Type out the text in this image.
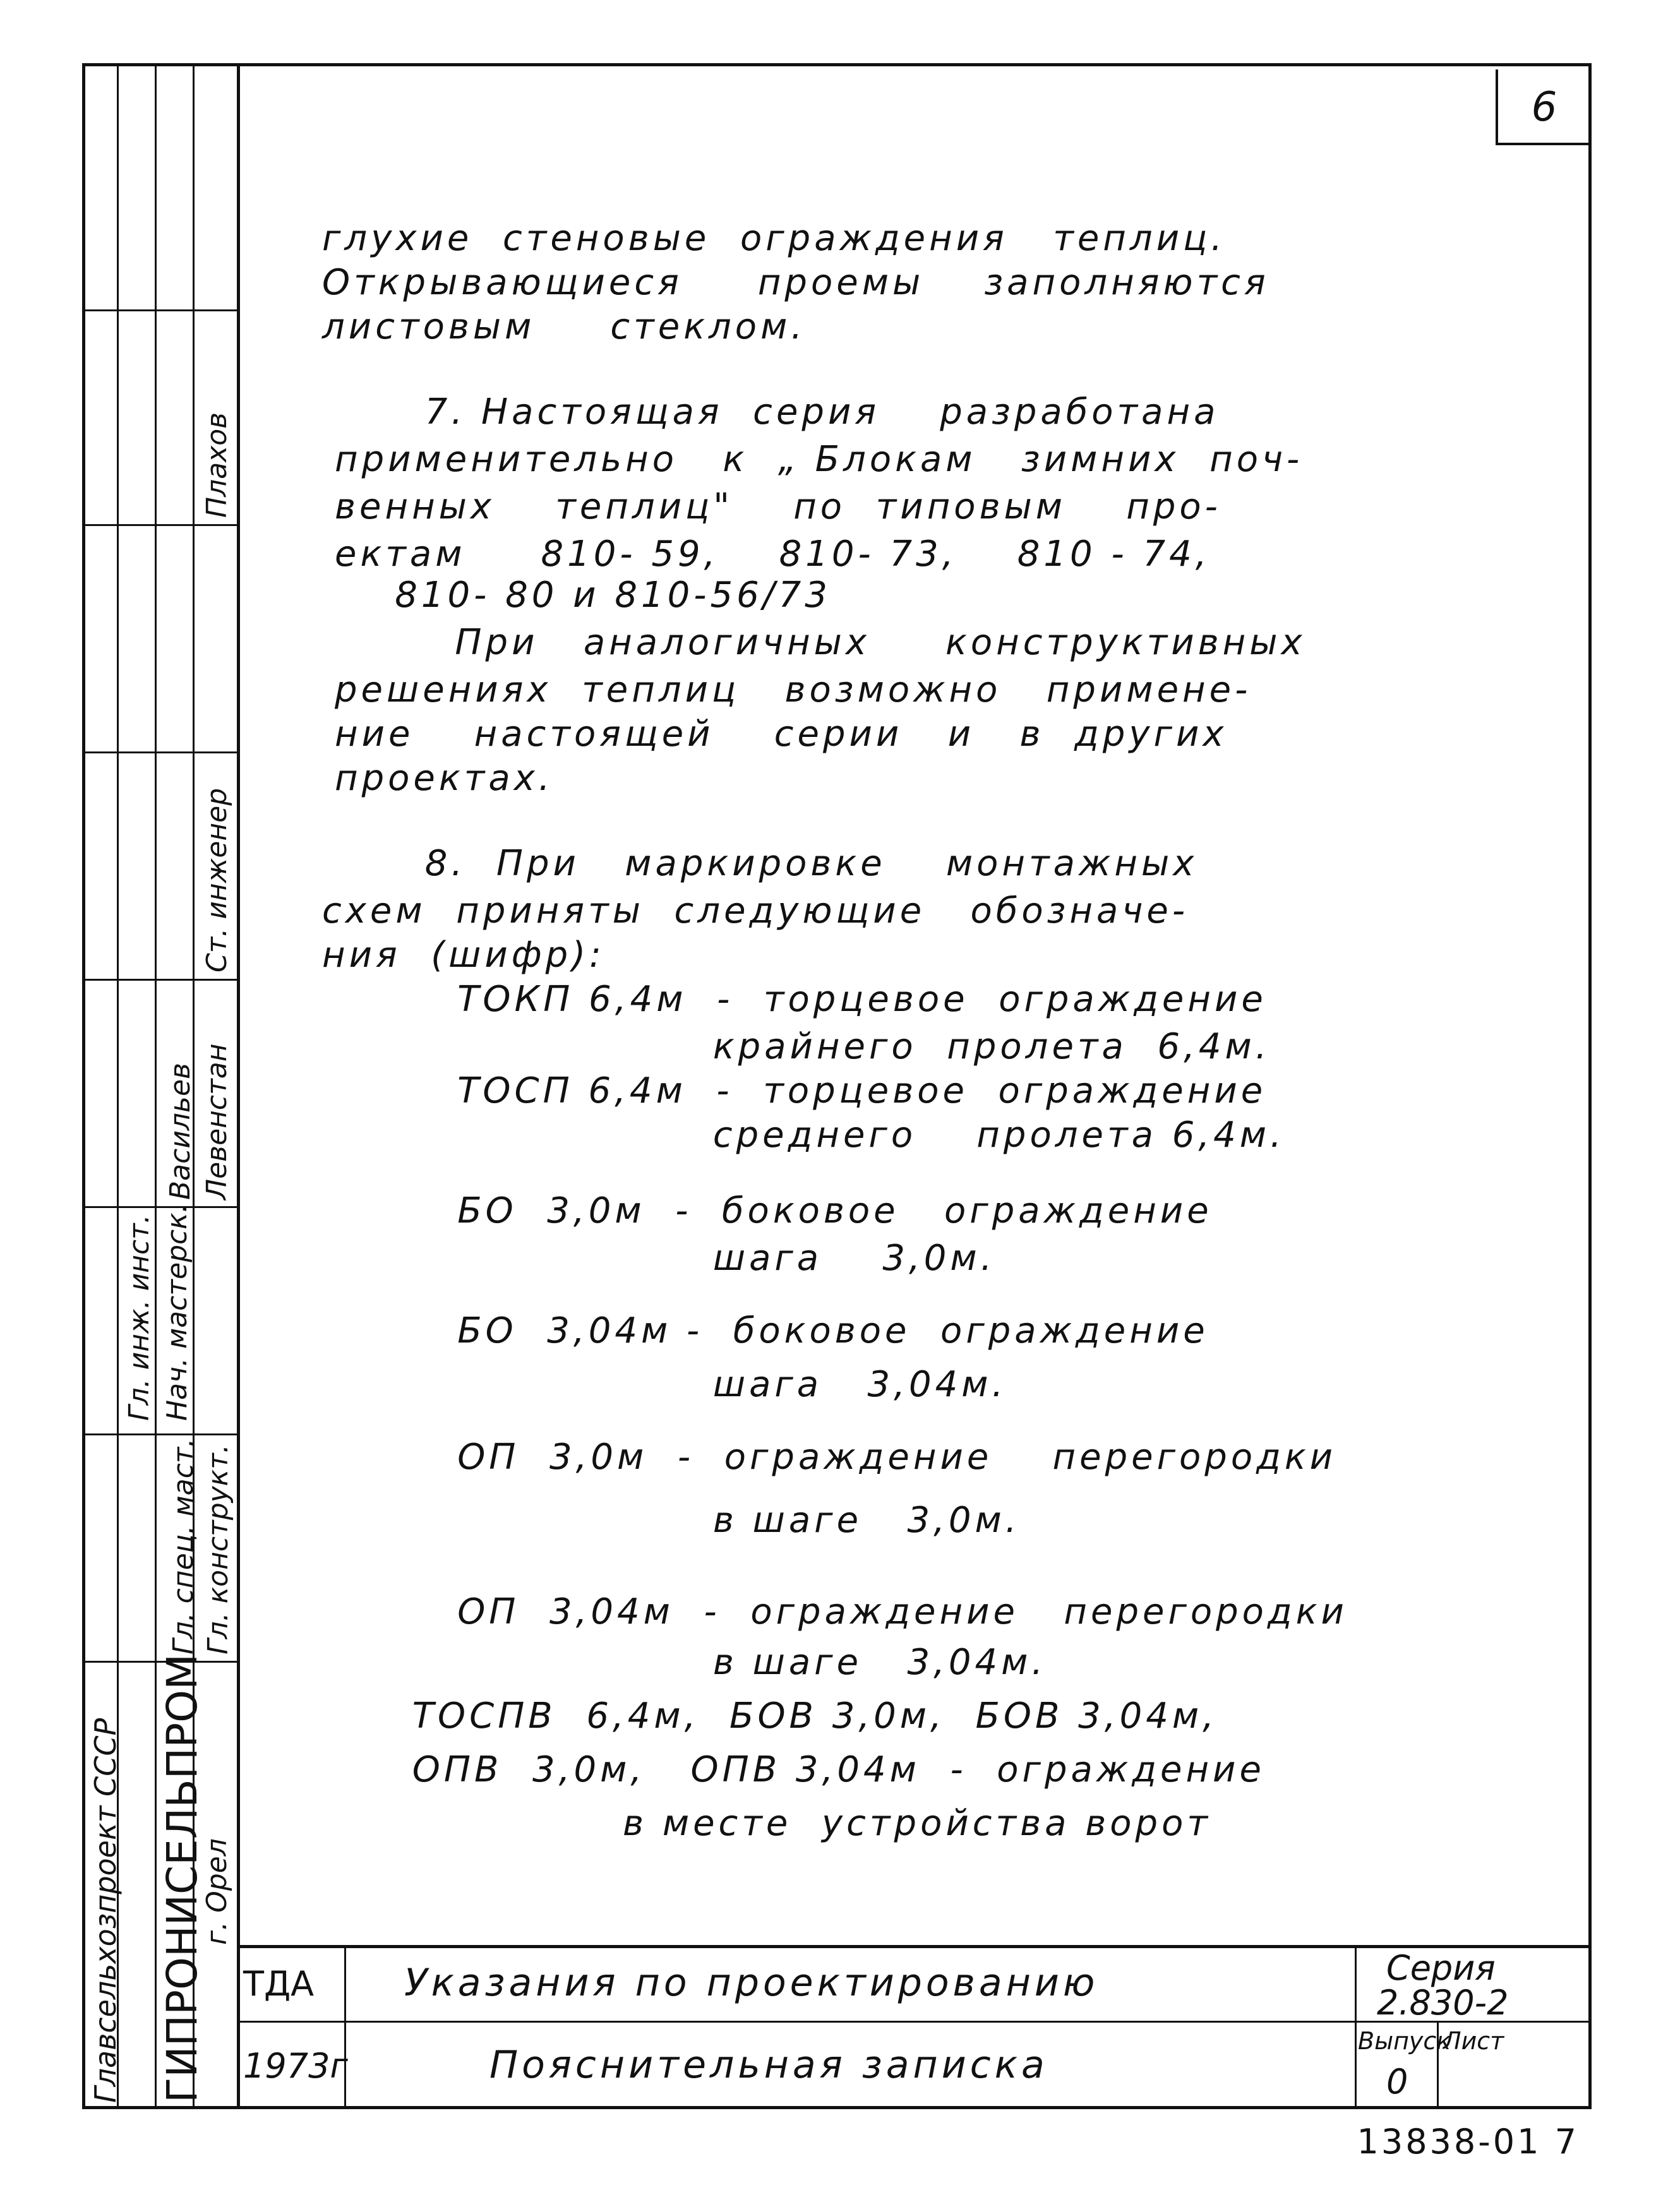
Гл. инж. инст. Нач. мастерск.
Гл. спец. маст. Гл. конструкт.
Васильев Левенстан
Ст. инженер
Плахов
Главсельхозпроект СССР ГИПРОНИСЕЛЬПРОМ
г. Орел
6
глухие  стеновые  ограждения   теплиц.
Открывающиеся     проемы    заполняются
листовым     стеклом.
7. Настоящая  серия    разработана
применительно   к  „ Блокам   зимних  поч-
венных    теплиц"    по  типовым    про-
ектам     810- 59,    810- 73,    810 - 74,
810- 80 и 810-56/73
При   аналогичных     конструктивных
решениях  теплиц   возможно   примене-
ние    настоящей    серии   и   в  других
проектах.
8.  При   маркировке    монтажных
схем  приняты  следующие   обозначе-
ния  (шифр):
ТОКП 6,4м  -  торцевое  ограждение
крайнего  пролета  6,4м.
ТОСП 6,4м  -  торцевое  ограждение
среднего    пролета 6,4м.
БО  3,0м  -  боковое   ограждение
шага    3,0м.
БО  3,04м -  боковое  ограждение
шага   3,04м.
ОП  3,0м  -  ограждение    перегородки
в шаге   3,0м.
ОП  3,04м  -  ограждение   перегородки
в шаге   3,04м.
ТОСПВ  6,4м,  БОВ 3,0м,  БОВ 3,04м,
ОПВ  3,0м,   ОПВ 3,04м  -  ограждение
в месте  устройства ворот
ТДА
1973г
Указания по проектированию
Пояснительная записка
Серия
2.830-2
Выпуск
0
Лист
13838-01 7
